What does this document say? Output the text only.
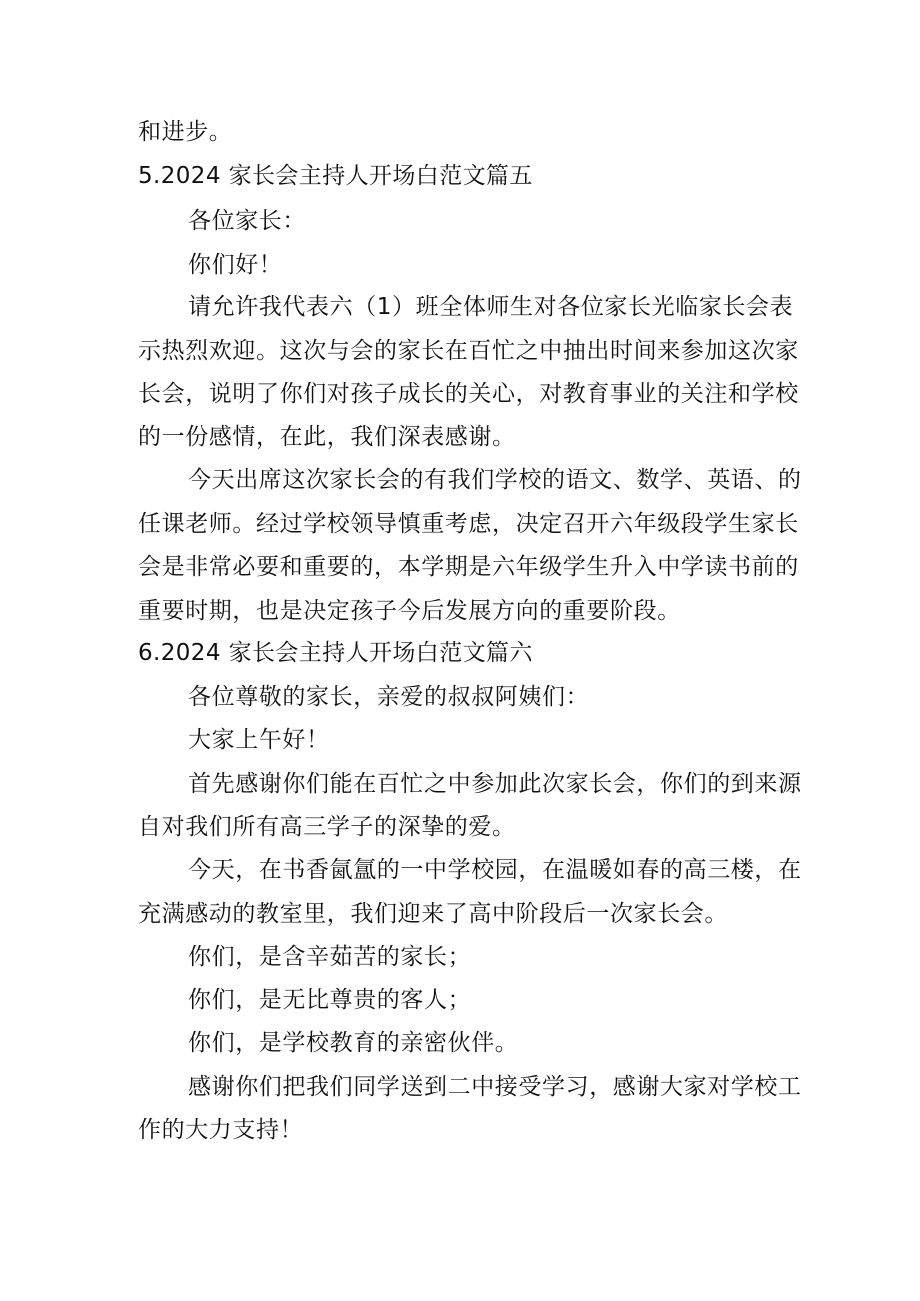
和进步。
5.2024 家长会主持人开场白范文篇五
各位家长：
你们好！
请允许我代表六（1）班全体师生对各位家长光临家长会表
示热烈欢迎。这次与会的家长在百忙之中抽出时间来参加这次家
长会，说明了你们对孩子成长的关心，对教育事业的关注和学校
的一份感情，在此，我们深表感谢。
今天出席这次家长会的有我们学校的语文、数学、英语、的
任课老师。经过学校领导慎重考虑，决定召开六年级段学生家长
会是非常必要和重要的，本学期是六年级学生升入中学读书前的
重要时期，也是决定孩子今后发展方向的重要阶段。
6.2024 家长会主持人开场白范文篇六
各位尊敬的家长，亲爱的叔叔阿姨们：
大家上午好！
首先感谢你们能在百忙之中参加此次家长会，你们的到来源
自对我们所有高三学子的深挚的爱。
今天，在书香氤氲的一中学校园，在温暖如春的高三楼，在
充满感动的教室里，我们迎来了高中阶段后一次家长会。
你们，是含辛茹苦的家长；
你们，是无比尊贵的客人；
你们，是学校教育的亲密伙伴。
感谢你们把我们同学送到二中接受学习，感谢大家对学校工
作的大力支持！
